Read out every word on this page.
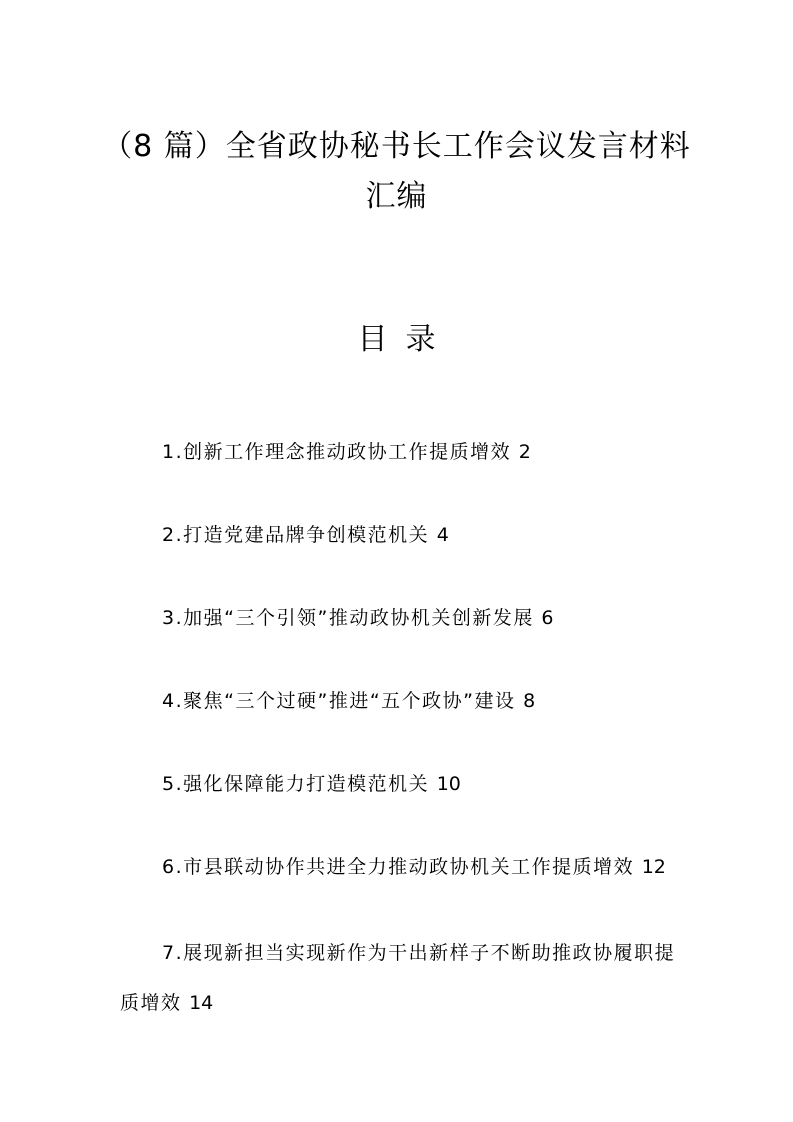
（8 篇）全省政协秘书长工作会议发言材料汇编
目 录
1.创新工作理念推动政协工作提质增效 2
2.打造党建品牌争创模范机关 4
3.加强“三个引领”推动政协机关创新发展 6
4.聚焦“三个过硬”推进“五个政协”建设 8
5.强化保障能力打造模范机关 10
6.市县联动协作共进全力推动政协机关工作提质增效 12
7.展现新担当实现新作为干出新样子不断助推政协履职提质增效 14
